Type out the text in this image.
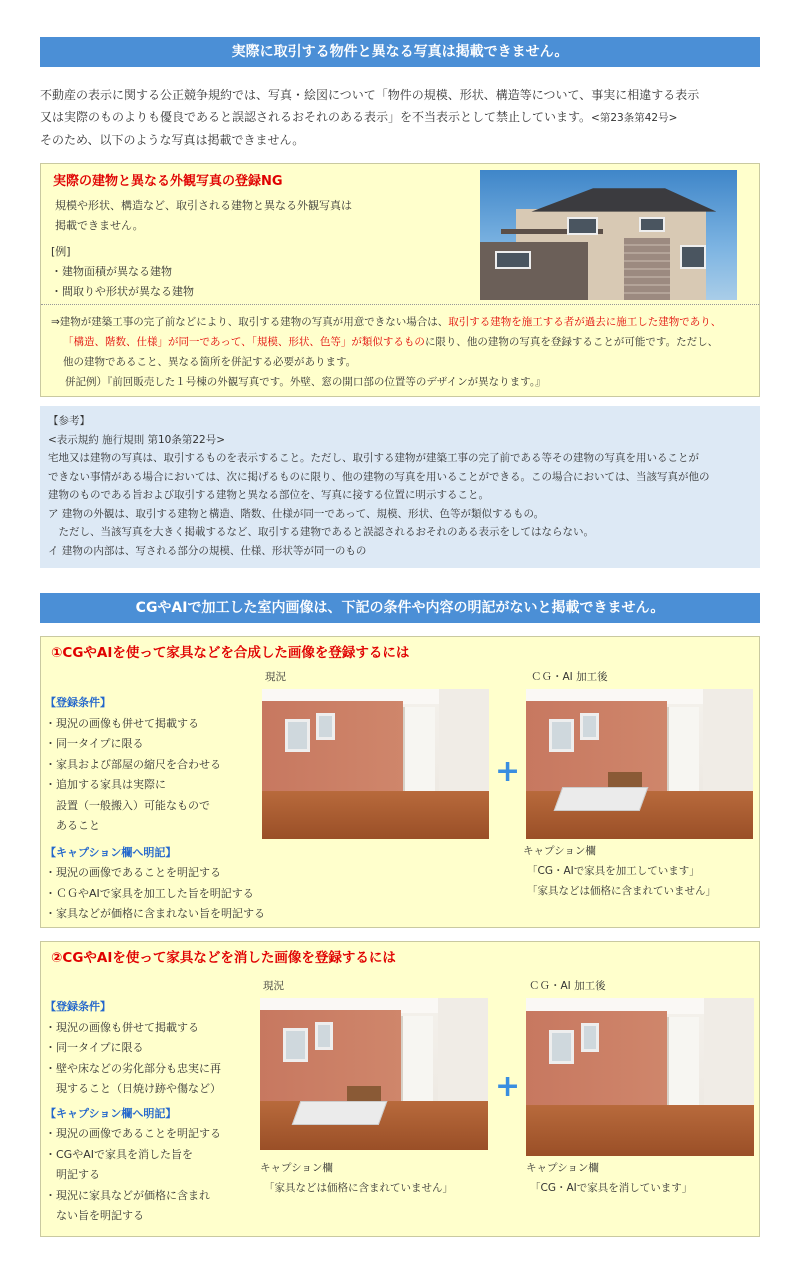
実際に取引する物件と異なる写真は掲載できません。
不動産の表示に関する公正競争規約では、写真・絵図について「物件の規模、形状、構造等について、事実に相違する表示
又は実際のものよりも優良であると誤認されるおそれのある表示」を不当表示として禁止しています。<第23条第42号>
そのため、以下のような写真は掲載できません。
実際の建物と異なる外観写真の登録NG
規模や形状、構造など、取引される建物と異なる外観写真は
掲載できません。
[例]
・建物面積が異なる建物
・間取りや形状が異なる建物
⇒建物が建築工事の完了前などにより、取引する建物の写真が用意できない場合は、取引する建物を施工する者が過去に施工した建物であり、
「構造、階数、仕様」が同一であって、「規模、形状、色等」が類似するものに限り、他の建物の写真を登録することが可能です。ただし、
他の建物であること、異なる箇所を併記する必要があります。
併記例）『前回販売した１号棟の外観写真です。外壁、窓の開口部の位置等のデザインが異なります。』
【参考】
<表示規約 施行規則 第10条第22号>
宅地又は建物の写真は、取引するものを表示すること。ただし、取引する建物が建築工事の完了前である等その建物の写真を用いることが
できない事情がある場合においては、次に掲げるものに限り、他の建物の写真を用いることができる。この場合においては、当該写真が他の
建物のものである旨および取引する建物と異なる部位を、写真に接する位置に明示すること。
ア 建物の外観は、取引する建物と構造、階数、仕様が同一であって、規模、形状、色等が類似するもの。
　ただし、当該写真を大きく掲載するなど、取引する建物であると誤認されるおそれのある表示をしてはならない。
イ 建物の内部は、写される部分の規模、仕様、形状等が同一のもの
CGやAIで加工した室内画像は、下記の条件や内容の明記がないと掲載できません。
①CGやAIを使って家具などを合成した画像を登録するには
現況	ＣＧ・AI 加工後
【登録条件】
・現況の画像も併せて掲載する
・同一タイプに限る
・家具および部屋の縮尺を合わせる
・追加する家具は実際に
　設置（一般搬入）可能なもので
　あること
【キャプション欄へ明記】
・現況の画像であることを明記する
・ＣＧやAIで家具を加工した旨を明記する
・家具などが価格に含まれない旨を明記する
+
キャプション欄
「CG・AIで家具を加工しています」
「家具などは価格に含まれていません」
②CGやAIを使って家具などを消した画像を登録するには
現況	ＣＧ・AI 加工後
【登録条件】
・現況の画像も併せて掲載する
・同一タイプに限る
・壁や床などの劣化部分も忠実に再
　現すること（日焼け跡や傷など）
【キャプション欄へ明記】
・現況の画像であることを明記する
・CGやAIで家具を消した旨を
　明記する
・現況に家具などが価格に含まれ
　ない旨を明記する
+
キャプション欄
「家具などは価格に含まれていません」
キャプション欄
「CG・AIで家具を消しています」
